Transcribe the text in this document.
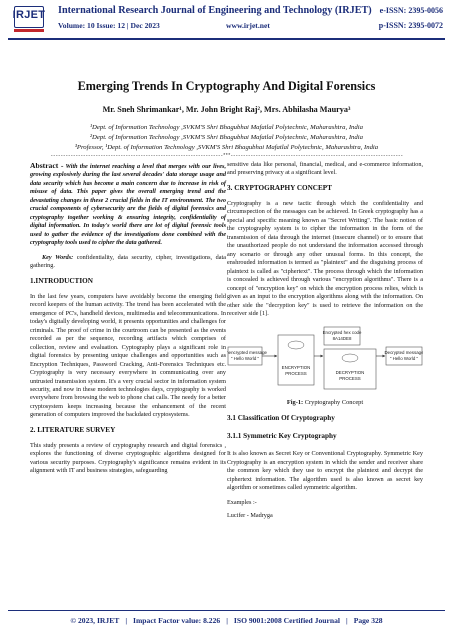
IRJET	International Research Journal of Engineering and Technology (IRJET)
Volume: 10 Issue: 12 | Dec 2023	www.irjet.net
e-ISSN: 2395-0056
p-ISSN: 2395-0072
Emerging Trends In Cryptography And Digital Forensics
Mr. Sneh Shrimankar¹, Mr. John Bright Raj², Mrs. Abhilasha Maurya³
¹Dept. of Information Technology ,SVKM'S Shri Bhagubhai Mafatlal Polytechnic, Maharashtra, India
²Dept. of Information Technology ,SVKM'S Shri Bhagubhai Mafatlal Polytechnic, Maharashtra, India
³Professor, ¹Dept. of Information Technology ,SVKM'S Shri Bhagubhai Mafatlal Polytechnic, Maharashtra, India
---------------------------------------------------------------------***---------------------------------------------------------------------

Abstract - With the internet reaching a level that merges with our lives, growing explosively during the last several decades' data storage usage and data security which has become a main concern due to increase in risk of misuse of data. This paper gives the overall emerging trend and the devastating changes in these 2 crucial fields in the IT environment. The two crucial components of cybersecurity are the fields of digital forensics and cryptography together working & ensuring integrity, confidentiality of digital information. In today's world there are lot of digital forensic tools used to gather the evidence of the investigations done combined with the cryptography tools used to cipher the data gathered.

Key Words: confidentiality, data security, cipher, investigations, data gathering.

1.INTRODUCTION

In the last few years, computers have avoidably become the emerging field record keepers of the human activity. The trend has been accelerated with the emergence of PC's, handheld devices, multimedia and telecommunications. In today's digitally developing world, it presents opportunities and challenges for criminals. The proof of crime in the courtroom can be presented as the events recorded as per the sequence, recording artifacts which comprises of collection, review and evaluation. Cyptography plays a significant role in digital forensics by presenting unique challenges and opportunities such as Encryption Techniques, Password Cracking, Anti-Forensics Techniques etc. Cryptography is very necessary everywhere in communicating over any untrusted transmission system. It's a very crucial sector in information system security, and now in these modern technologies days, cryptography is worked everywhere from browsing the web to phone chat calls. The needy for a better cryptosystem keeps increasing because the enhancement of the recent generation of computers improved the backdated cryptosystems.

2. LITERATURE SURVEY

This study presents a review of cryptography research and digital forensics , explores the functioning of diverse cryptographic algorithms designed for various security purposes. Cryptography's significance remains evident in its alignment with IT and business strategies, safeguarding

sensitive data like personal, financial, medical, and e-commerce information, and preserving privacy at a significant level.

3. CRYPTOGRAPHY CONCEPT

Cryptography is a new tactic through which the confidentiality and circumspection of the messages can be achieved. In Greek cryptography has a special and specific meaning known as "Secret Writing". The basic notion of the cryptography system is to cipher the information in the form of the transmission of data through the internet (insecure channel) or to ensure that the unauthorized people do not understand the information accessed through any scenario or through any other unusual forms. In this concept, the enshrouded information is termed as "plaintext" and the disguising process of plaintext is called as "ciphertext". The process through which the information is concealed is achieved through various "encryption algorithms". There is a concept of "encryption key" on which the encryption process relies, which is given as an input to the encryption algorithms along with the information. On other side the "decryption key" is used to retrieve the information on the receiver side [1].

Unencrypted message
" Hello World "
ENCRYPTION
PROCESS
Encrypted hex code
8A14DE8
DECRYPTION
PROCESS
Decrypted message
" Hello World "
Fig-1: Cryptography Concept
3.1 Classification Of Cryptography
3.1.1 Symmetric Key Cryptography

It is also known as Secret Key or Conventional Cryptography. Symmetric Key Cryptography is an encryption system in which the sender and receiver share the common key which they use to encrypt the plaintext and decrypt the ciphertext information. The algorithm used is also known as secret key algorithm or sometimes called symmetric algorithm.

Examples :-
Lucifer - Madryga
© 2023, IRJET | Impact Factor value: 8.226 | ISO 9001:2008 Certified Journal | Page 328
